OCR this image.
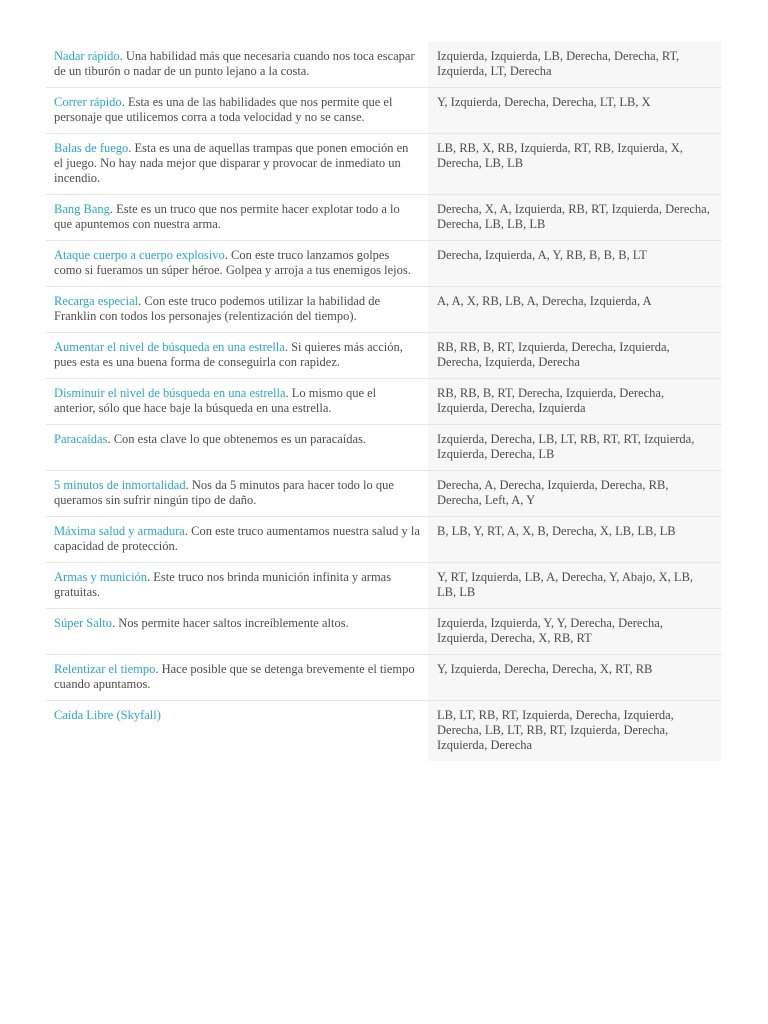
Nadar rápido. Una habilidad más que necesaria cuando nos toca escapar de un tiburón o nadar de un punto lejano a la costa.	Izquierda, Izquierda, LB, Derecha, Derecha, RT, Izquierda, LT, Derecha
Correr rápido. Esta es una de las habilidades que nos permite que el personaje que utilicemos corra a toda velocidad y no se canse.	Y, Izquierda, Derecha, Derecha, LT, LB, X
Balas de fuego. Esta es una de aquellas trampas que ponen emoción en el juego. No hay nada mejor que disparar y provocar de inmediato un incendio.	LB, RB, X, RB, Izquierda, RT, RB, Izquierda, X, Derecha, LB, LB
Bang Bang. Este es un truco que nos permite hacer explotar todo a lo que apuntemos con nuestra arma.	Derecha, X, A, Izquierda, RB, RT, Izquierda, Derecha, Derecha, LB, LB, LB
Ataque cuerpo a cuerpo explosivo. Con este truco lanzamos golpes como si fueramos un súper héroe. Golpea y arroja a tus enemigos lejos.	Derecha, Izquierda, A, Y, RB, B, B, B, LT
Recarga especial. Con este truco podemos utilizar la habilidad de Franklin con todos los personajes (relentización del tiempo).	A, A, X, RB, LB, A, Derecha, Izquierda, A
Aumentar el nivel de búsqueda en una estrella. Si quieres más acción, pues esta es una buena forma de conseguirla con rapidez.	RB, RB, B, RT, Izquierda, Derecha, Izquierda, Derecha, Izquierda, Derecha
Disminuir el nivel de búsqueda en una estrella. Lo mismo que el anterior, sólo que hace baje la búsqueda en una estrella.	RB, RB, B, RT, Derecha, Izquierda, Derecha, Izquierda, Derecha, Izquierda
Paracaídas. Con esta clave lo que obtenemos es un paracaídas.	Izquierda, Derecha, LB, LT, RB, RT, RT, Izquierda, Izquierda, Derecha, LB
5 minutos de inmortalidad. Nos da 5 minutos para hacer todo lo que queramos sin sufrir ningún tipo de daño.	Derecha, A, Derecha, Izquierda, Derecha, RB, Derecha, Left, A, Y
Máxima salud y armadura. Con este truco aumentamos nuestra salud y la capacidad de protección.	B, LB, Y, RT, A, X, B, Derecha, X, LB, LB, LB
Armas y munición. Este truco nos brinda munición infinita y armas gratuitas.	Y, RT, Izquierda, LB, A, Derecha, Y, Abajo, X, LB, LB, LB
Súper Salto. Nos permite hacer saltos increíblemente altos.	Izquierda, Izquierda, Y, Y, Derecha, Derecha, Izquierda, Derecha, X, RB, RT
Relentizar el tiempo. Hace posible que se detenga brevemente el tiempo cuando apuntamos.	Y, Izquierda, Derecha, Derecha, X, RT, RB
Caída Libre (Skyfall)	LB, LT, RB, RT, Izquierda, Derecha, Izquierda, Derecha, LB, LT, RB, RT, Izquierda, Derecha, Izquierda, Derecha
